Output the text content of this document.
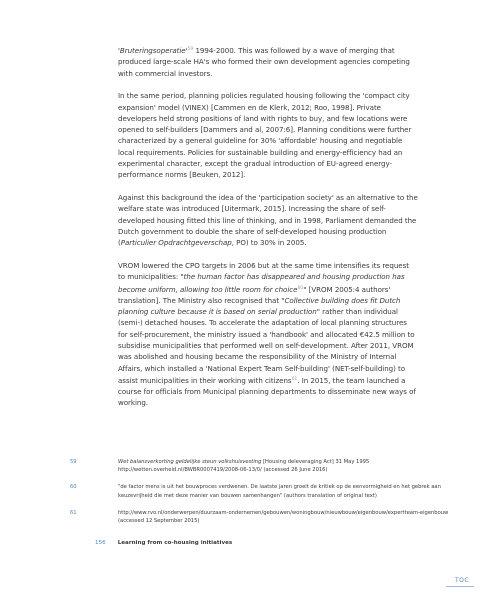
'$Bruteringsoperatie'^{59}$ 1994-2000. This was followed by a wave of merging that produced large-scale HA's who formed their own development agencies competing with commercial investors.

In the same period, planning policies regulated housing following the 'compact city expansion' model (VINEX) [Cammen en de Klerk, 2012; Roo, 1998]. Private developers held strong positions of land with rights to buy, and few locations were opened to self-builders [Dammers and al, 2007:6]. Planning conditions were further characterized by a general guideline for 30% 'affordable' housing and negotiable local requirements. Policies for sustainable building and energy-efficiency had an experimental character, except the gradual introduction of EU-agreed energy-performance norms [Beuken, 2012].

Against this background the idea of the 'participation society' as an alternative to the welfare state was introduced [Uitermark, 2015]. Increasing the share of self-developed housing fitted this line of thinking, and in 1998, Parliament demanded the Dutch government to double the share of self-developed housing production (Particulier Opdrachtgeverschap, PO) to 30% in 2005.

VROM lowered the CPO targets in 2006 but at the same time intensifies its request to municipalities: "the human factor has disappeared and housing production has become uniform, allowing too little room for choice$^{60}$" [VROM 2005:4 authors' translation]. The Ministry also recognised that "Collective building does fit Dutch planning culture because it is based on serial production" rather than individual (semi-) detached houses. To accelerate the adaptation of local planning structures for self-procurement, the ministry issued a 'handbook' and allocated €42.5 million to subsidise municipalities that performed well on self-development. After 2011, VROM was abolished and housing became the responsibility of the Ministry of Internal Affairs, which installed a 'National Expert Team Self-building' (NET-self-building) to assist municipalities in their working with citizens$^{61}$. In 2015, the team launched a course for officials from Municipal planning departments to disseminate new ways of working.

59	Wet balansverkorting geldelijke steun volkshuisvesting [Housing deleveraging Act] 31 May 1995 http://wetten.overheid.nl/BWBR0007419/2008-06-13/0/ (accessed 26 June 2016)
60	"de factor mens is uit het bouwproces verdwenen. De laatste jaren groeit de kritiek op de eenvormigheid en het gebrek aan keuzevrijheid die met deze manier van bouwen samenhangen" (authors translation of original text)
61	http://www.rvo.nl/onderwerpen/duurzaam-ondernemen/gebouwen/woningbouw/nieuwbouw/eigenbouw/expertteam-eigenbouw (accessed 12 September 2015)
156 Learning from co-housing initiatives
TOC
